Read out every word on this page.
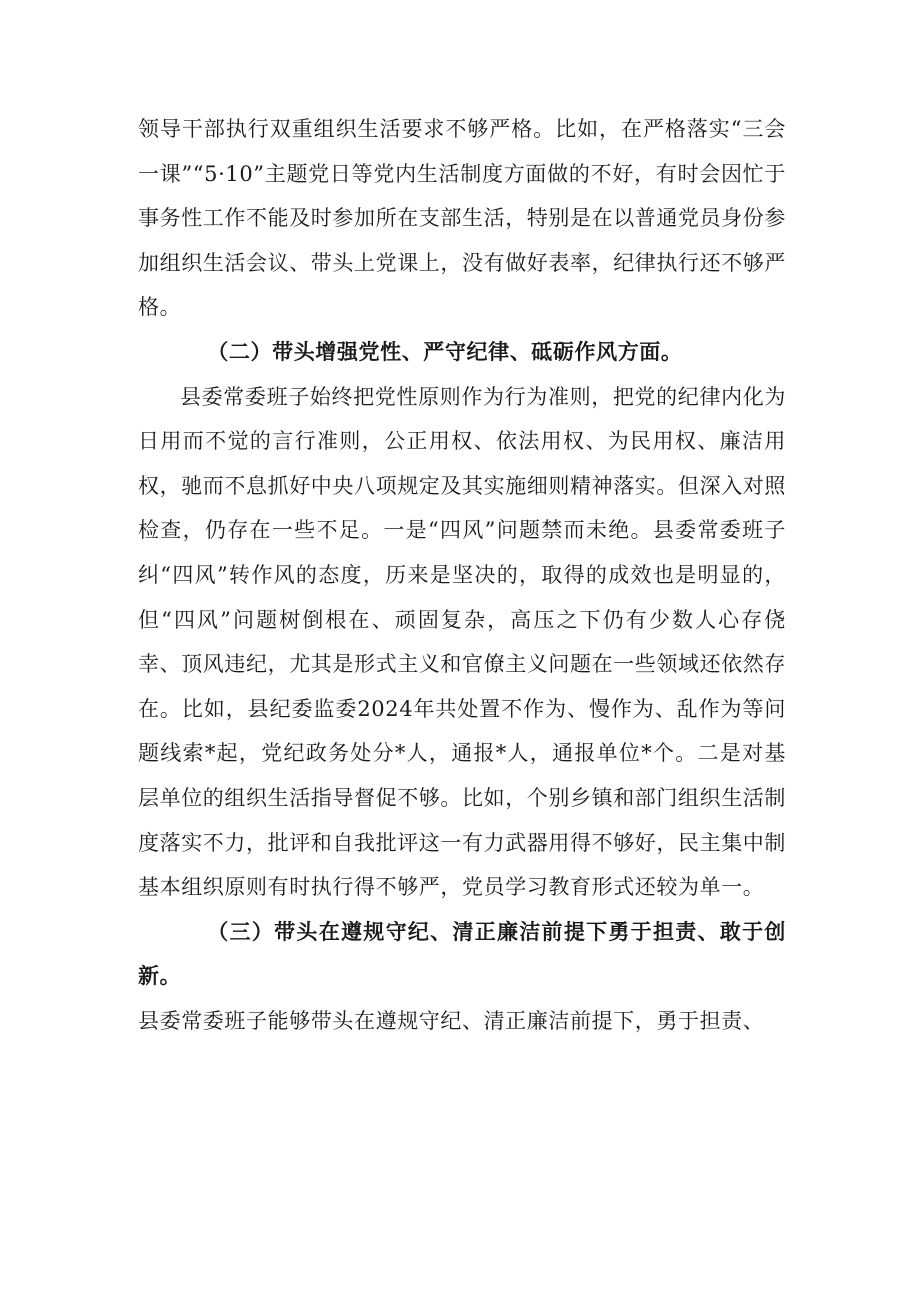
领导干部执行双重组织生活要求不够严格。比如，在严格落实“三会一课”“5·10”主题党日等党内生活制度方面做的不好，有时会因忙于事务性工作不能及时参加所在支部生活，特别是在以普通党员身份参加组织生活会议、带头上党课上，没有做好表率，纪律执行还不够严格。

（二）带头增强党性、严守纪律、砥砺作风方面。

县委常委班子始终把党性原则作为行为准则，把党的纪律内化为日用而不觉的言行准则，公正用权、依法用权、为民用权、廉洁用权，驰而不息抓好中央八项规定及其实施细则精神落实。但深入对照检查，仍存在一些不足。一是“四风”问题禁而未绝。县委常委班子纠“四风”转作风的态度，历来是坚决的，取得的成效也是明显的，但“四风”问题树倒根在、顽固复杂，高压之下仍有少数人心存侥幸、顶风违纪，尤其是形式主义和官僚主义问题在一些领域还依然存在。比如，县纪委监委2024年共处置不作为、慢作为、乱作为等问题线索*起，党纪政务处分*人，通报*人，通报单位*个。二是对基层单位的组织生活指导督促不够。比如，个别乡镇和部门组织生活制度落实不力，批评和自我批评这一有力武器用得不够好，民主集中制基本组织原则有时执行得不够严，党员学习教育形式还较为单一。

（三）带头在遵规守纪、清正廉洁前提下勇于担责、敢于创新。

县委常委班子能够带头在遵规守纪、清正廉洁前提下，勇于担责、
